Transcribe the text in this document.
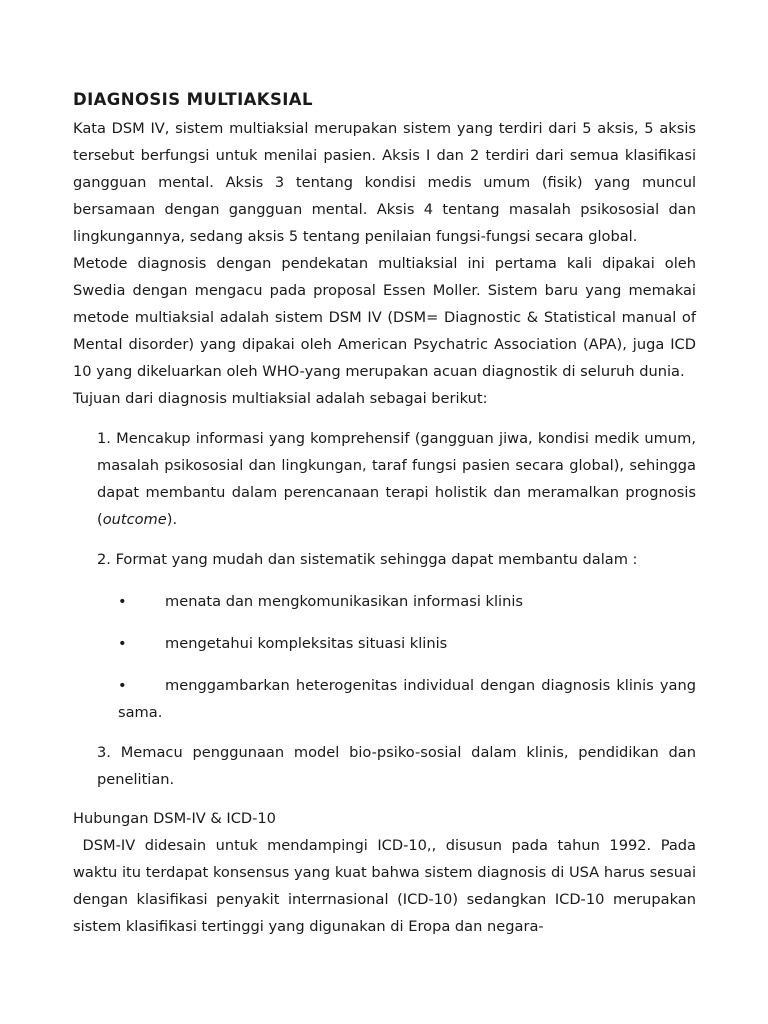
DIAGNOSIS MULTIAKSIAL

Kata DSM IV, sistem multiaksial merupakan sistem yang terdiri dari 5 aksis, 5 aksis tersebut berfungsi untuk menilai pasien. Aksis I dan 2 terdiri dari semua klasifikasi gangguan mental. Aksis 3 tentang kondisi medis umum (fisik) yang muncul bersamaan dengan gangguan mental. Aksis 4 tentang masalah psikososial dan lingkungannya, sedang aksis 5 tentang penilaian fungsi-fungsi secara global.

Metode diagnosis dengan pendekatan multiaksial ini pertama kali dipakai oleh Swedia dengan mengacu pada proposal Essen Moller. Sistem baru yang memakai metode multiaksial adalah sistem DSM IV (DSM= Diagnostic & Statistical manual of Mental disorder) yang dipakai oleh American Psychatric Association (APA), juga ICD 10 yang dikeluarkan oleh WHO-yang merupakan acuan diagnostik di seluruh dunia.

Tujuan dari diagnosis multiaksial adalah sebagai berikut:

1. Mencakup informasi yang komprehensif (gangguan jiwa, kondisi medik umum, masalah psikososial dan lingkungan, taraf fungsi pasien secara global), sehingga dapat membantu dalam perencanaan terapi holistik dan meramalkan prognosis (outcome).

2. Format yang mudah dan sistematik sehingga dapat membantu dalam :

•	menata dan mengkomunikasikan informasi klinis
•	mengetahui kompleksitas situasi klinis
•	menggambarkan heterogenitas individual dengan diagnosis klinis yang sama.

3. Memacu penggunaan model bio-psiko-sosial dalam klinis, pendidikan dan penelitian.

Hubungan DSM-IV & ICD-10

DSM-IV didesain untuk mendampingi ICD-10,, disusun pada tahun 1992. Pada waktu itu terdapat konsensus yang kuat bahwa sistem diagnosis di USA harus sesuai dengan klasifikasi penyakit interrnasional (ICD-10) sedangkan ICD-10 merupakan sistem klasifikasi tertinggi yang digunakan di Eropa dan negara-
